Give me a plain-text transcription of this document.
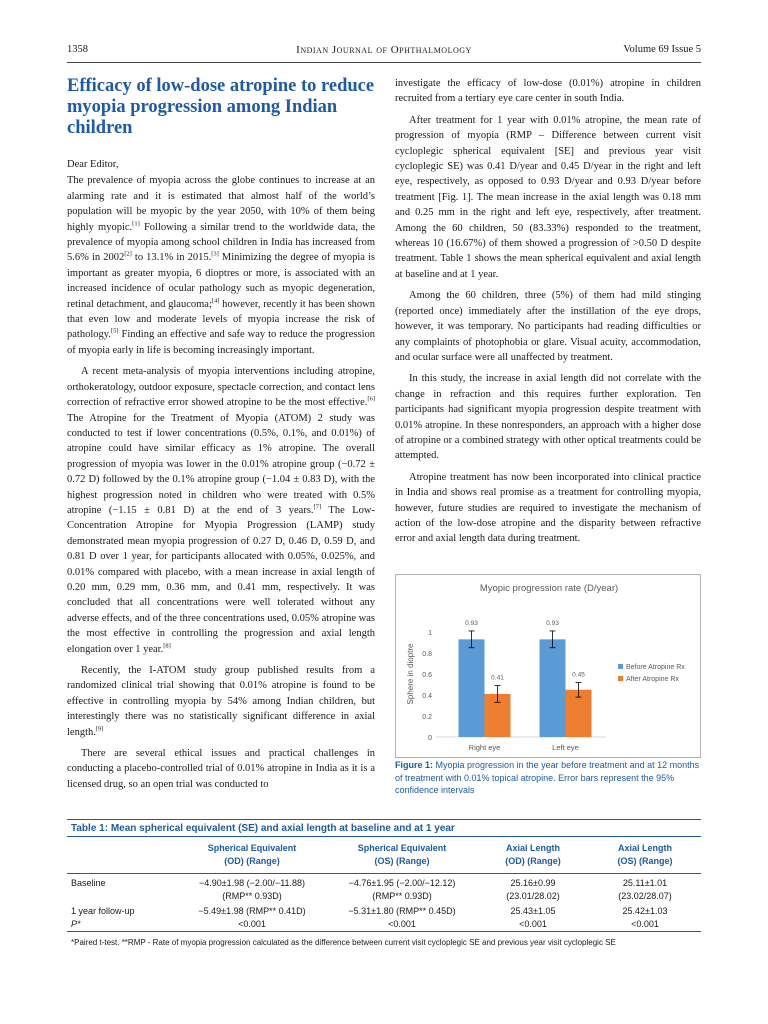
1358	Indian Journal of Ophthalmology	Volume 69 Issue 5
Efficacy of low-dose atropine to reduce myopia progression among Indian children
Dear Editor,

The prevalence of myopia across the globe continues to increase at an alarming rate and it is estimated that almost half of the world’s population will be myopic by the year 2050, with 10% of them being highly myopic.[1] Following a similar trend to the worldwide data, the prevalence of myopia among school children in India has increased from 5.6% in 2002[2] to 13.1% in 2015.[3] Minimizing the degree of myopia is important as greater myopia, 6 dioptres or more, is associated with an increased incidence of ocular pathology such as myopic degeneration, retinal detachment, and glaucoma;[4] however, recently it has been shown that even low and moderate levels of myopia increase the risk of pathology.[5] Finding an effective and safe way to reduce the progression of myopia early in life is becoming increasingly important.

A recent meta-analysis of myopia interventions including atropine, orthokeratology, outdoor exposure, spectacle correction, and contact lens correction of refractive error showed atropine to be the most effective.[6] The Atropine for the Treatment of Myopia (ATOM) 2 study was conducted to test if lower concentrations (0.5%, 0.1%, and 0.01%) of atropine could have similar efficacy as 1% atropine. The overall progression of myopia was lower in the 0.01% atropine group (−0.72 ± 0.72 D) followed by the 0.1% atropine group (−1.04 ± 0.83 D), with the highest progression noted in children who were treated with 0.5% atropine (−1.15 ± 0.81 D) at the end of 3 years.[7] The Low-Concentration Atropine for Myopia Progression (LAMP) study demonstrated mean myopia progression of 0.27 D, 0.46 D, 0.59 D, and 0.81 D over 1 year, for participants allocated with 0.05%, 0.025%, and 0.01% compared with placebo, with a mean increase in axial length of 0.20 mm, 0.29 mm, 0.36 mm, and 0.41 mm, respectively. It was concluded that all concentrations were well tolerated without any adverse effects, and of the three concentrations used, 0.05% atropine was the most effective in controlling the progression and axial length elongation over 1 year.[8]

Recently, the I-ATOM study group published results from a randomized clinical trial showing that 0.01% atropine is found to be effective in controlling myopia by 54% among Indian children, but interestingly there was no statistically significant difference in axial length.[9]

There are several ethical issues and practical challenges in conducting a placebo-controlled trial of 0.01% atropine in India as it is a licensed drug, so an open trial was conducted to

investigate the efficacy of low-dose (0.01%) atropine in children recruited from a tertiary eye care center in south India.

After treatment for 1 year with 0.01% atropine, the mean rate of progression of myopia (RMP – Difference between current visit cycloplegic spherical equivalent [SE] and previous year visit cycloplegic SE) was 0.41 D/year and 0.45 D/year in the right and left eye, respectively, as opposed to 0.93 D/year and 0.93 D/year before treatment [Fig. 1]. The mean increase in the axial length was 0.18 mm and 0.25 mm in the right and left eye, respectively, after treatment. Among the 60 children, 50 (83.33%) responded to the treatment, whereas 10 (16.67%) of them showed a progression of >0.50 D despite treatment. Table 1 shows the mean spherical equivalent and axial length at baseline and at 1 year.

Among the 60 children, three (5%) of them had mild stinging (reported once) immediately after the instillation of the eye drops, however, it was temporary. No participants had reading difficulties or any complaints of photophobia or glare. Visual acuity, accommodation, and ocular surface were all unaffected by treatment.

In this study, the increase in axial length did not correlate with the change in refraction and this requires further exploration. Ten participants had significant myopia progression despite treatment with 0.01% atropine. In these nonresponders, an approach with a higher dose of atropine or a combined strategy with other optical treatments could be attempted.

Atropine treatment has now been incorporated into clinical practice in India and shows real promise as a treatment for controlling myopia, however, future studies are required to investigate the mechanism of action of the low-dose atropine and the disparity between refractive error and axial length data during treatment.

Myopic progression rate (D/year)
0
0.2
0.4
0.6
0.8
1
Sphere in dioptre
0.93
0.41
Right eye
0.93
0.45
Left eye
Before Atropine Rx
After Atropine Rx
Figure 1: Myopia progression in the year before treatment and at 12 months of treatment with 0.01% topical atropine. Error bars represent the 95% confidence intervals
Table 1: Mean spherical equivalent (SE) and axial length at baseline and at 1 year
	Spherical Equivalent
(OD) (Range)	Spherical Equivalent
(OS) (Range)	Axial Length
(OD) (Range)	Axial Length
(OS) (Range)
Baseline	−4.90±1.98 (−2.00/−11.88)
(RMP** 0.93D)	−4.76±1.95 (−2.00/−12.12)
(RMP** 0.93D)	25.16±0.99
(23.01/28.02)	25.11±1.01
(23.02/28.07)
1 year follow-up	−5.49±1.98 (RMP** 0.41D)	−5.31±1.80 (RMP** 0.45D)	25.43±1.05	25.42±1.03
P*	<0.001	<0.001	<0.001	<0.001
*Paired t-test. **RMP - Rate of myopia progression calculated as the difference between current visit cycloplegic SE and previous year visit cycloplegic SE
